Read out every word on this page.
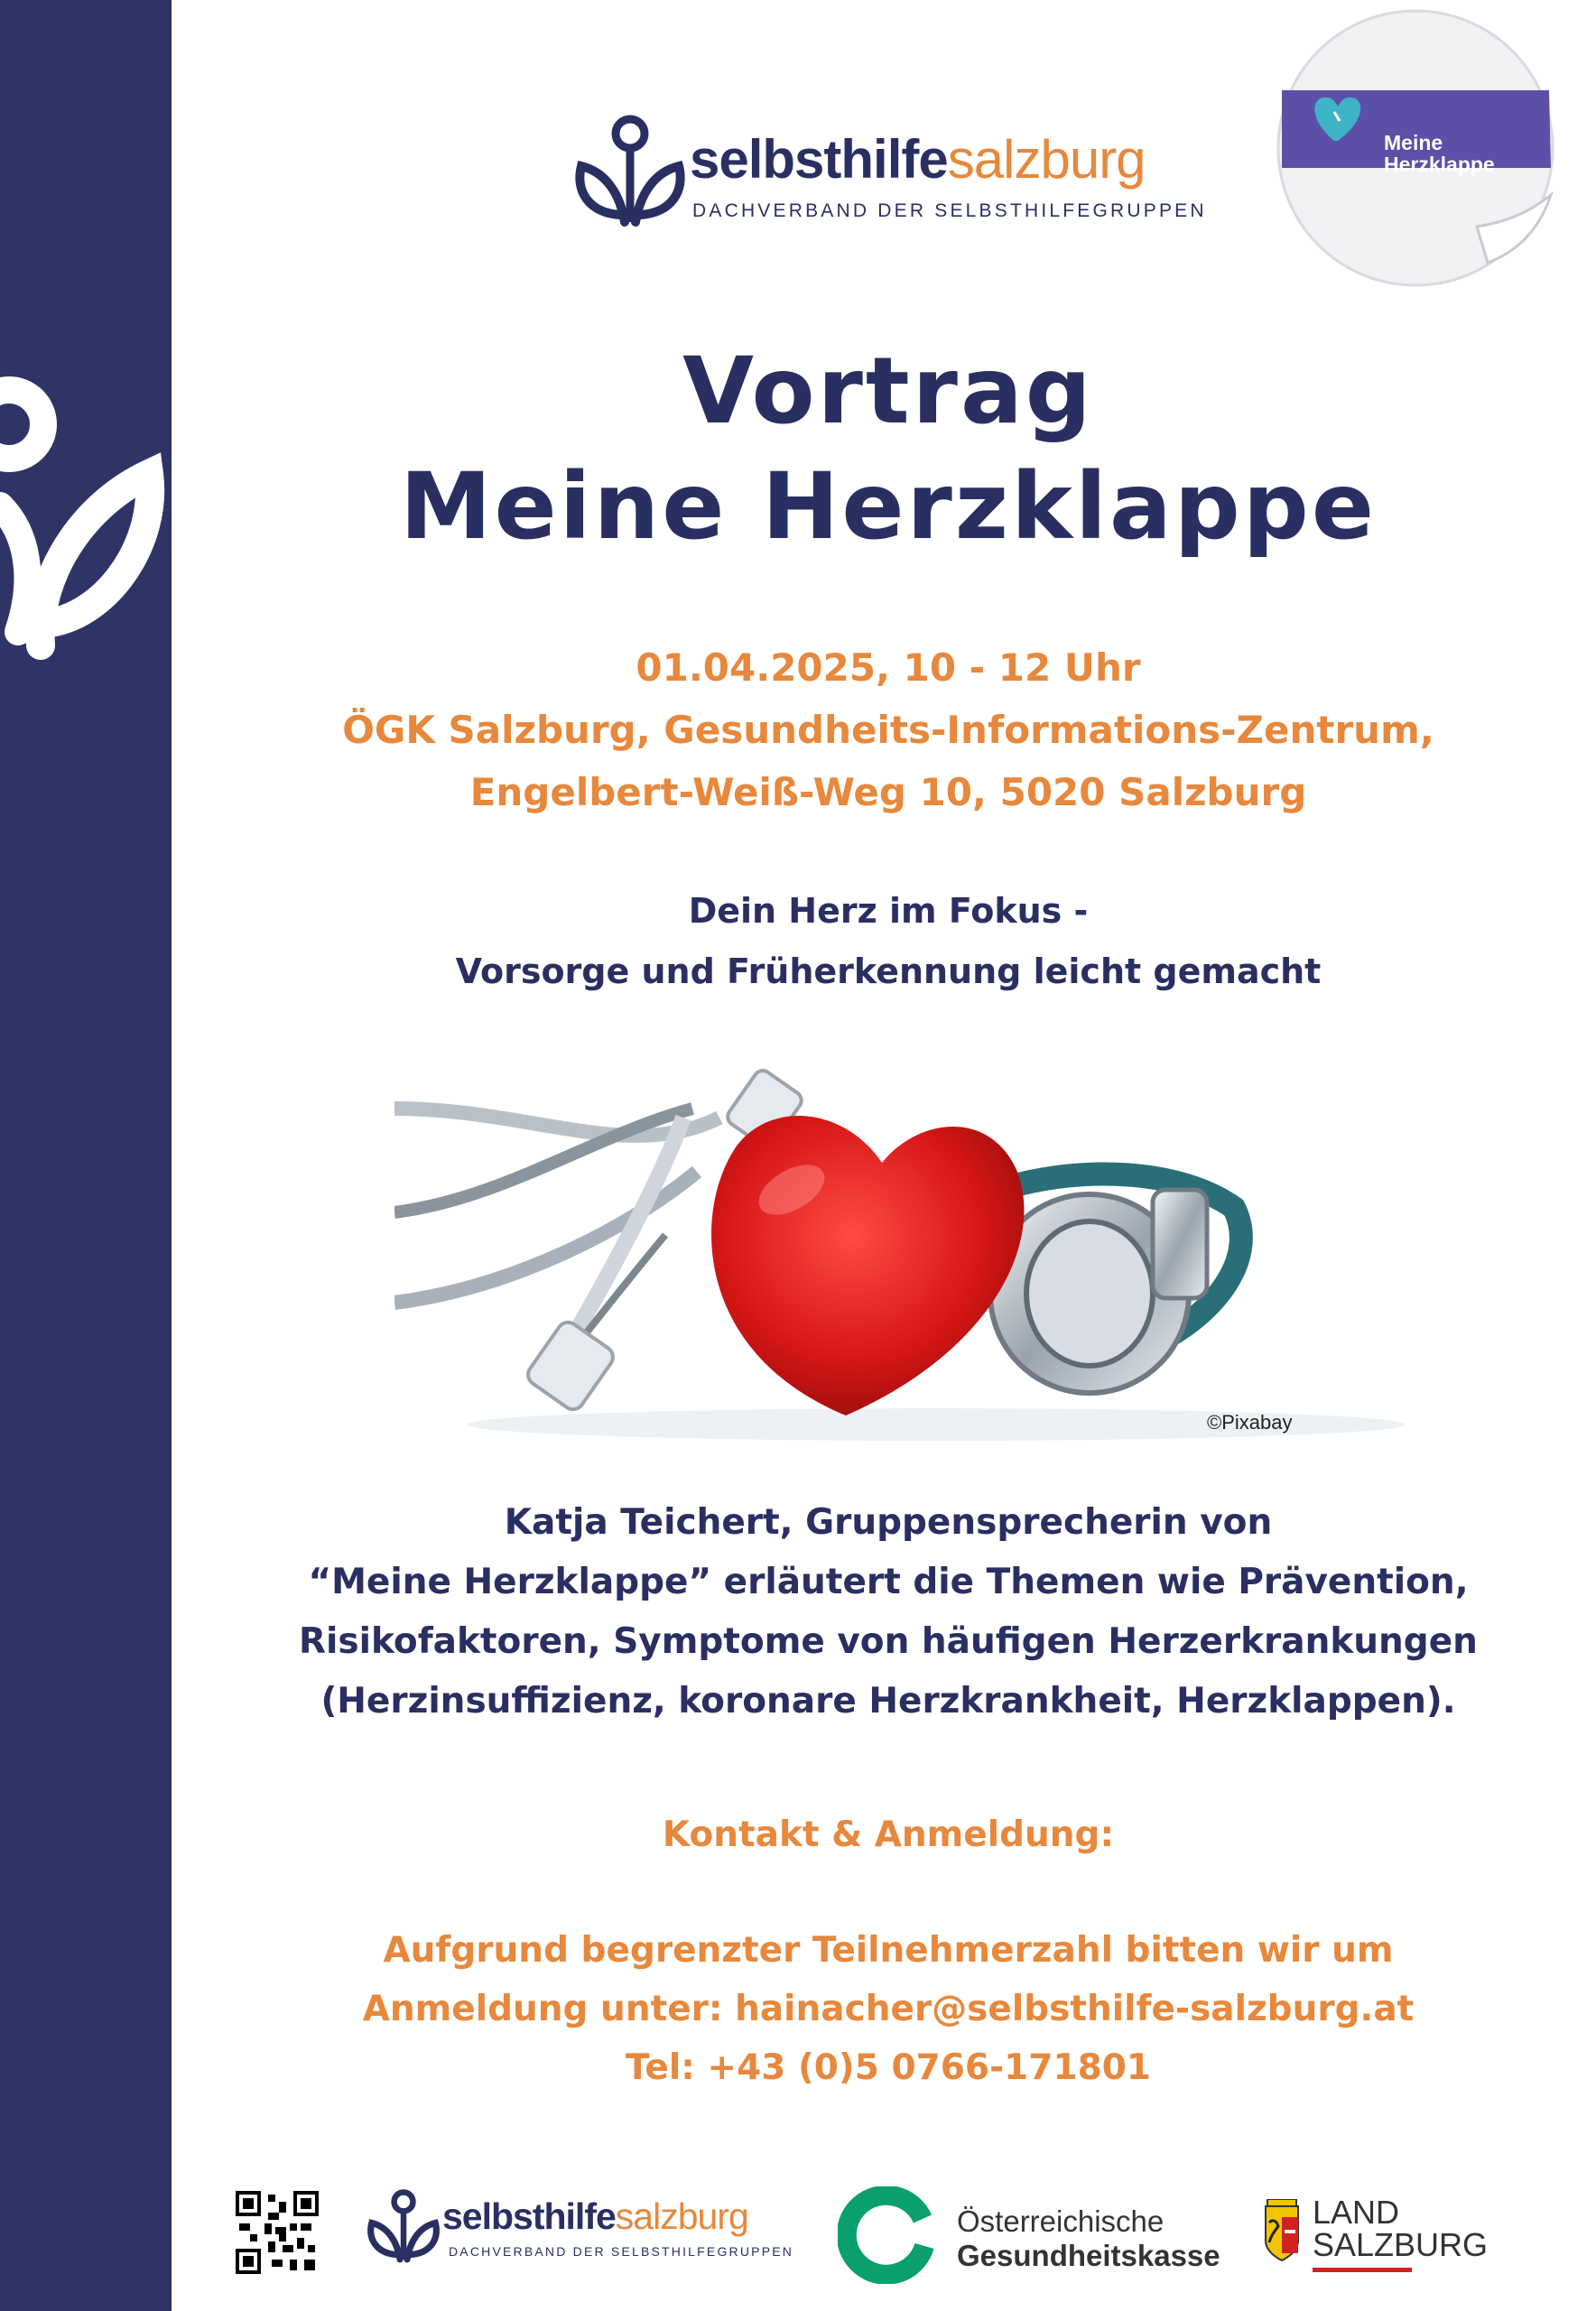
selbsthilfesalzburg
DACHVERBAND DER SELBSTHILFEGRUPPEN
Meine
Herzklappe
Vortrag
Meine Herzklappe
01.04.2025, 10 - 12 Uhr
ÖGK Salzburg, Gesundheits-Informations-Zentrum,
Engelbert-Weiß-Weg 10, 5020 Salzburg
Dein Herz im Fokus -
Vorsorge und Früherkennung leicht gemacht
©Pixabay
Katja Teichert, Gruppensprecherin von
“Meine Herzklappe” erläutert die Themen wie Prävention,
Risikofaktoren, Symptome von häufigen Herzerkrankungen
(Herzinsuffizienz, koronare Herzkrankheit, Herzklappen).
Kontakt & Anmeldung:
Aufgrund begrenzter Teilnehmerzahl bitten wir um
Anmeldung unter: hainacher@selbsthilfe-salzburg.at
Tel: +43 (0)5 0766-171801
selbsthilfesalzburg
DACHVERBAND DER SELBSTHILFEGRUPPEN
Österreichische
Gesundheitskasse
LAND
SALZBURG
